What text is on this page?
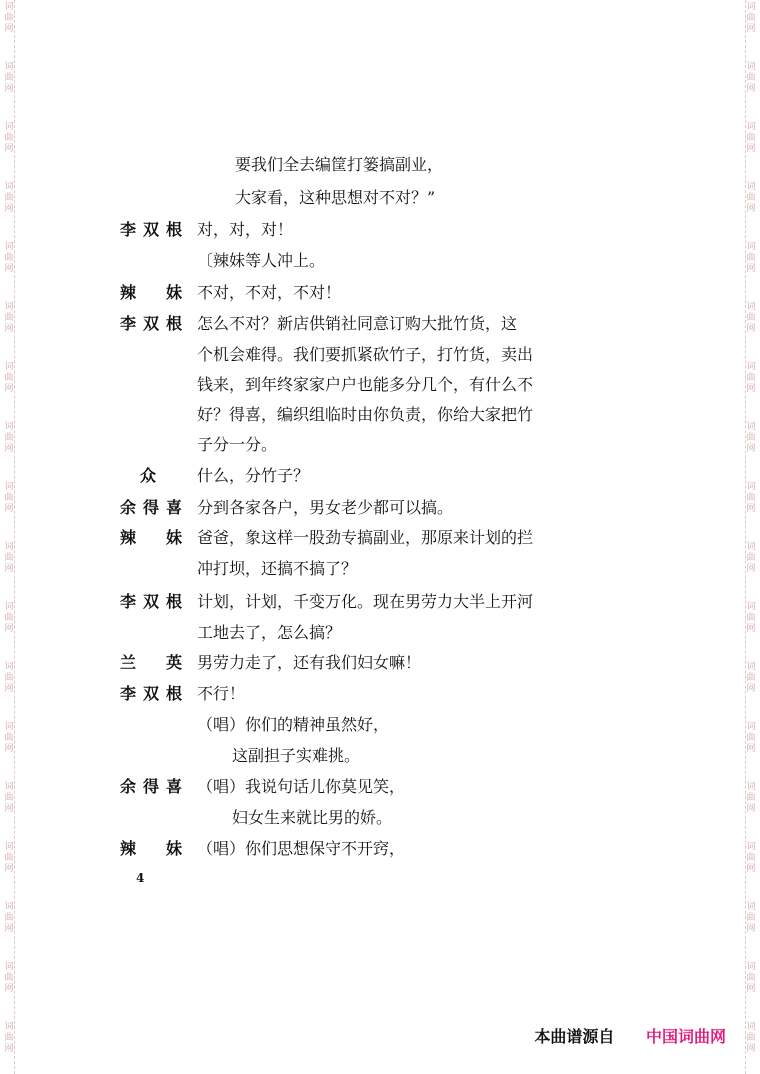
要我们全去编筐打篓搞副业，
大家看，这种思想对不对？”
李双根 对，对，对！
〔辣妹等人冲上。
辣　妹 不对，不对，不对！
李双根 怎么不对？新店供销社同意订购大批竹货，这
个机会难得。我们要抓紧砍竹子，打竹货，卖出
钱来，到年终家家户户也能多分几个，有什么不
好？得喜，编织组临时由你负责，你给大家把竹
子分一分。
众	什么，分竹子？
余得喜 分到各家各户，男女老少都可以搞。
辣　妹 爸爸，象这样一股劲专搞副业，那原来计划的拦
冲打坝，还搞不搞了？
李双根 计划，计划，千变万化。现在男劳力大半上开河
工地去了，怎么搞？
兰　英 男劳力走了，还有我们妇女嘛！
李双根 不行！
（唱）你们的精神虽然好，
这副担子实难挑。
余得喜 （唱）我说句话儿你莫见笑，
妇女生来就比男的娇。
辣　妹 （唱）你们思想保守不开窍，
4
本曲谱源自 中国词曲网
词
曲
网
词
曲
网
词
曲
网
词
曲
网
词
曲
网
词
曲
网
词
曲
网
词
曲
网
词
曲
网
词
曲
网
词
曲
网
词
曲
网
词
曲
网
词
曲
网
词
曲
网
词
曲
网
词
曲
网
词
曲
网
词
曲
网
词
曲
网
词
曲
网
词
曲
网
词
曲
网
词
曲
网
词
曲
网
词
曲
网
词
曲
网
词
曲
网
词
曲
网
词
曲
网
词
曲
网
词
曲
网
词
曲
网
词
曲
网
词
曲
网
词
曲
网
